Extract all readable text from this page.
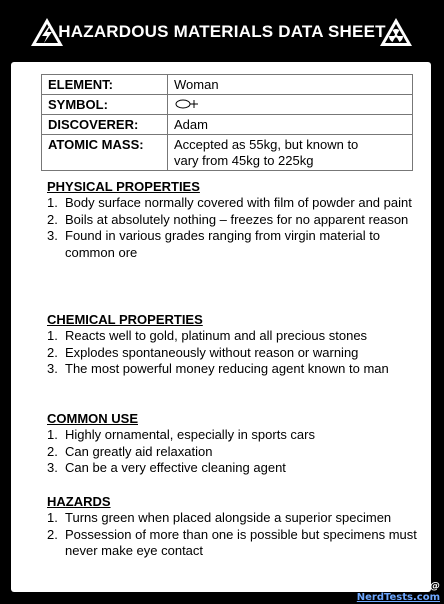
HAZARDOUS MATERIALS DATA SHEET
ELEMENT:	Woman
SYMBOL:	
DISCOVERER:	Adam
ATOMIC MASS:	Accepted as 55kg, but known to
vary from 45kg to 225kg
PHYSICAL PROPERTIES
1. Body surface normally covered with film of powder and paint
2. Boils at absolutely nothing – freezes for no apparent reason
3. Found in various grades ranging from virgin material to common ore
CHEMICAL PROPERTIES
1. Reacts well to gold, platinum and all precious stones
2. Explodes spontaneously without reason or warning
3. The most powerful money reducing agent known to man
COMMON USE
1. Highly ornamental, especially in sports cars
2. Can greatly aid relaxation
3. Can be a very effective cleaning agent
HAZARDS
1. Turns green when placed alongside a superior specimen
2. Possession of more than one is possible but specimens must never make eye contact
Find More @
NerdTests.com
